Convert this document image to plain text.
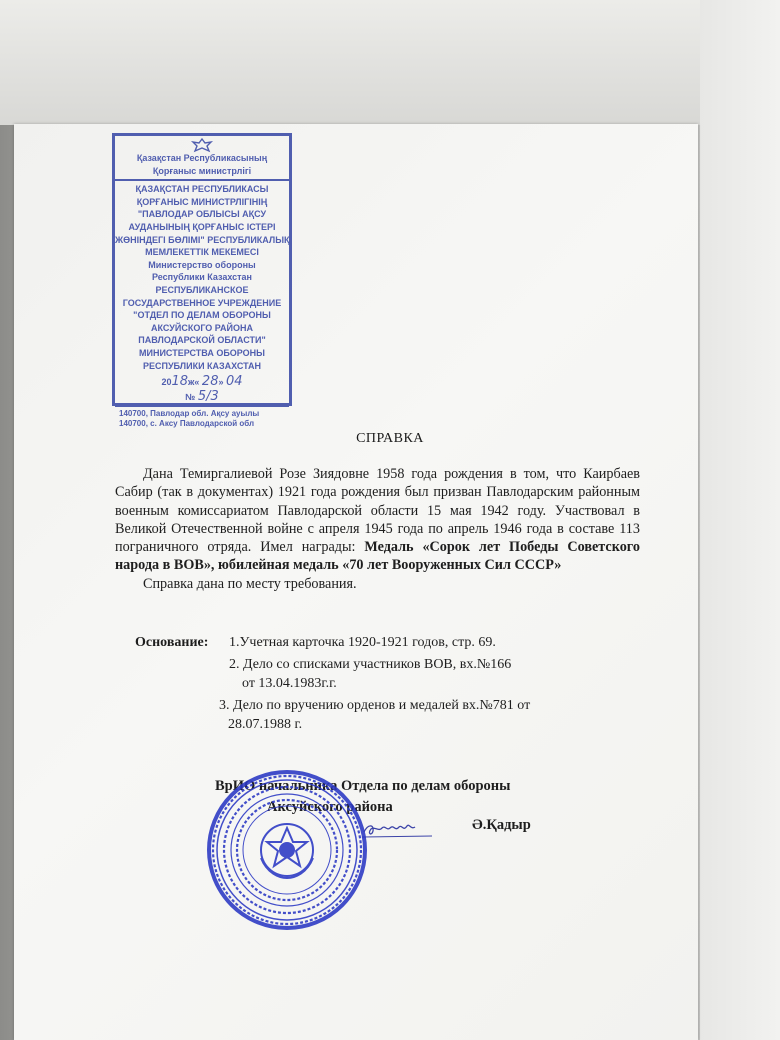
Қазақстан Республикасының
Қорғаныс министрлігі
ҚАЗАҚСТАН РЕСПУБЛИКАСЫ
ҚОРҒАНЫС МИНИСТРЛІГІНІҢ
"ПАВЛОДАР ОБЛЫСЫ АҚСУ
АУДАНЫНЫҢ ҚОРҒАНЫС ІСТЕРІ
ЖӨНІНДЕГІ БӨЛІМІ" РЕСПУБЛИКАЛЫҚ
МЕМЛЕКЕТТІК МЕКЕМЕСІ
Министерство обороны
Республики Казахстан
РЕСПУБЛИКАНСКОЕ
ГОСУДАРСТВЕННОЕ УЧРЕЖДЕНИЕ
"ОТДЕЛ ПО ДЕЛАМ ОБОРОНЫ
АКСУЙСКОГО РАЙОНА
ПАВЛОДАРСКОЙ ОБЛАСТИ"
МИНИСТЕРСТВА ОБОРОНЫ
РЕСПУБЛИКИ КАЗАХСТАН
2018ж« 28» 04
№ 5/3
140700, Павлодар обл. Ақсу ауылы
140700, с. Аксу Павлодарской обл
СПРАВКА

Дана Темиргалиевой Розе Зиядовне 1958 года рождения в том, что Каирбаев Сабир (так в документах) 1921 года рождения был призван Павлодарским районным военным комиссариатом Павлодарской области 15 мая 1942 году. Участвовал в Великой Отечественной войне с апреля 1945 года по апрель 1946 года в составе 113 пограничного отряда. Имел награды: Медаль «Сорок лет Победы Советского народа в ВОВ», юбилейная медаль «70 лет Вооруженных Сил СССР»

Справка дана по месту требования.

Основание: 1.Учетная карточка 1920-1921 годов, стр. 69.
2. Дело со списками участников ВОВ, вх.№166
от 13.04.1983г.г.
3. Дело по вручению орденов и медалей вх.№781 от
28.07.1988 г.
ВрИО начальника Отдела по делам обороны
Аксуйского района
Ә.Қадыр
